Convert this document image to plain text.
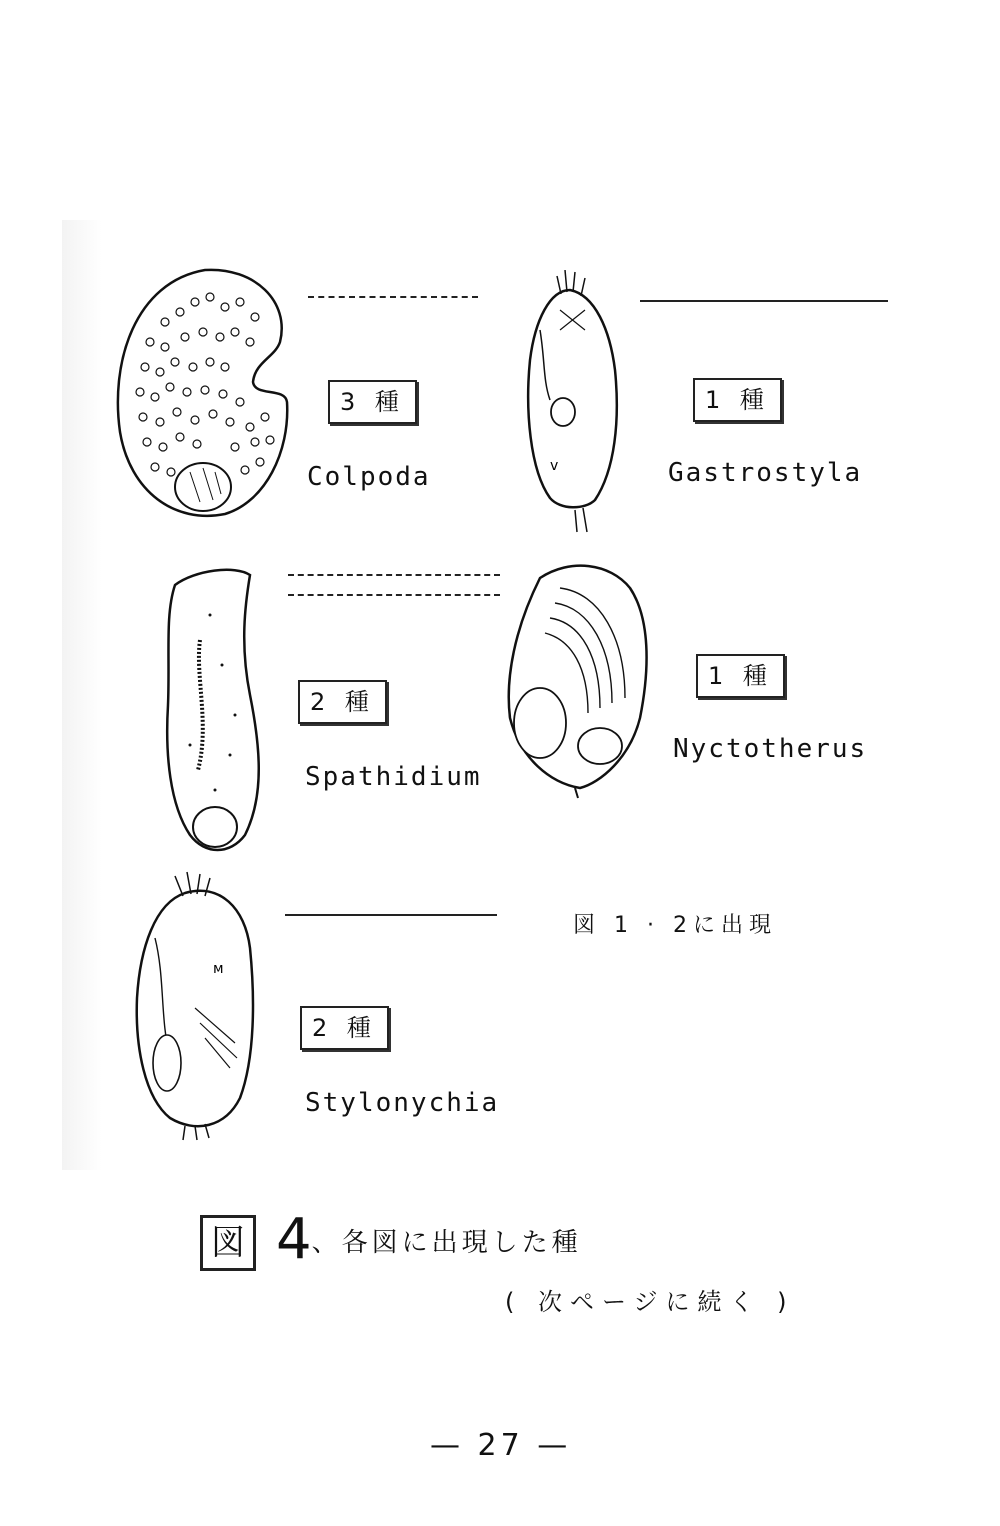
v
м
3 種	1 種
2 種
1 種
2 種
Colpoda	Gastrostyla
Spathidium
Nyctotherus
Stylonychia
図 1 · 2に出現
図 4、各図に出現した種
( 次ページに続く )
— 27 —
